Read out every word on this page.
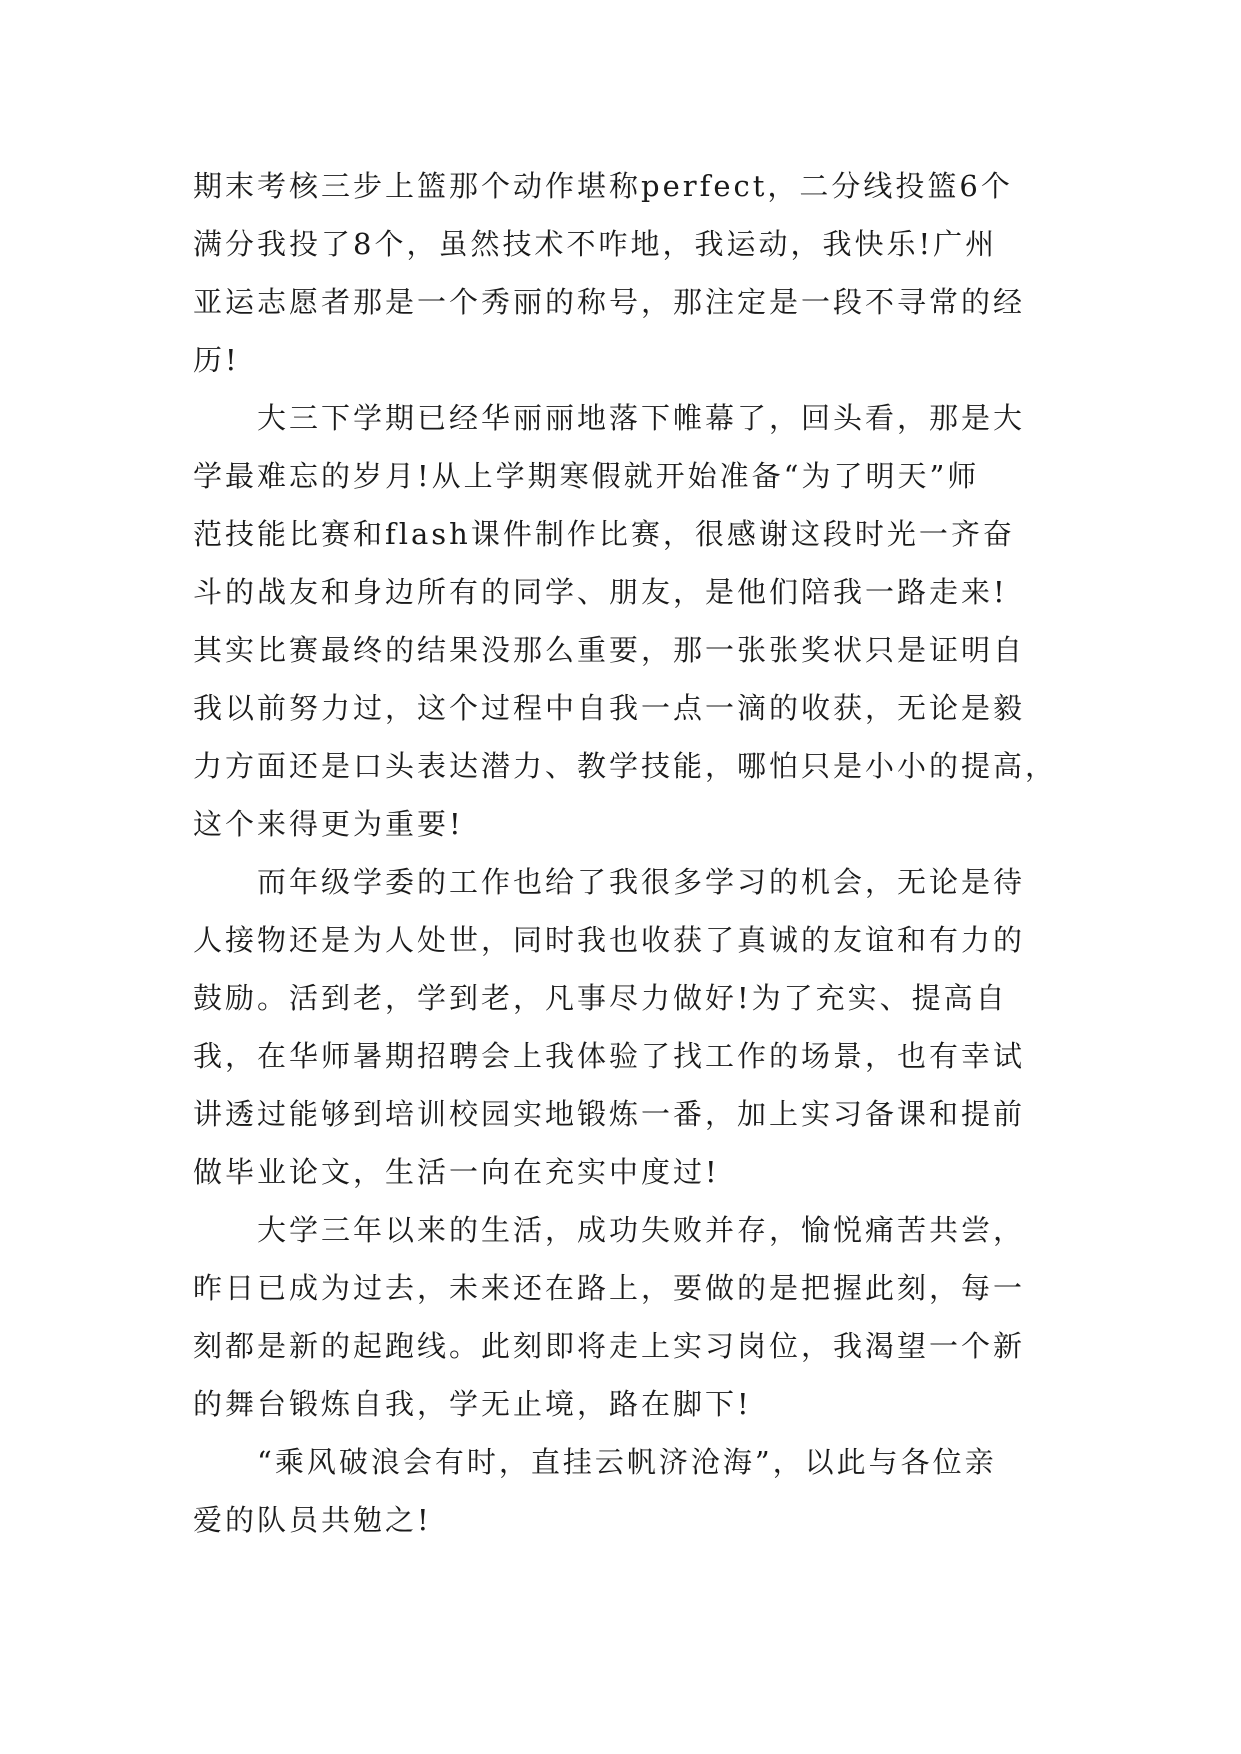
期末考核三步上篮那个动作堪称perfect，二分线投篮6个
满分我投了8个，虽然技术不咋地，我运动，我快乐!广州
亚运志愿者那是一个秀丽的称号，那注定是一段不寻常的经
历!
大三下学期已经华丽丽地落下帷幕了，回头看，那是大
学最难忘的岁月!从上学期寒假就开始准备“为了明天”师
范技能比赛和flash课件制作比赛，很感谢这段时光一齐奋
斗的战友和身边所有的同学、朋友，是他们陪我一路走来!
其实比赛最终的结果没那么重要，那一张张奖状只是证明自
我以前努力过，这个过程中自我一点一滴的收获，无论是毅
力方面还是口头表达潜力、教学技能，哪怕只是小小的提高，
这个来得更为重要!
而年级学委的工作也给了我很多学习的机会，无论是待
人接物还是为人处世，同时我也收获了真诚的友谊和有力的
鼓励。活到老，学到老，凡事尽力做好!为了充实、提高自
我，在华师暑期招聘会上我体验了找工作的场景，也有幸试
讲透过能够到培训校园实地锻炼一番，加上实习备课和提前
做毕业论文，生活一向在充实中度过!
大学三年以来的生活，成功失败并存，愉悦痛苦共尝，
昨日已成为过去，未来还在路上，要做的是把握此刻，每一
刻都是新的起跑线。此刻即将走上实习岗位，我渴望一个新
的舞台锻炼自我，学无止境，路在脚下!
“乘风破浪会有时，直挂云帆济沧海”，以此与各位亲
爱的队员共勉之!
